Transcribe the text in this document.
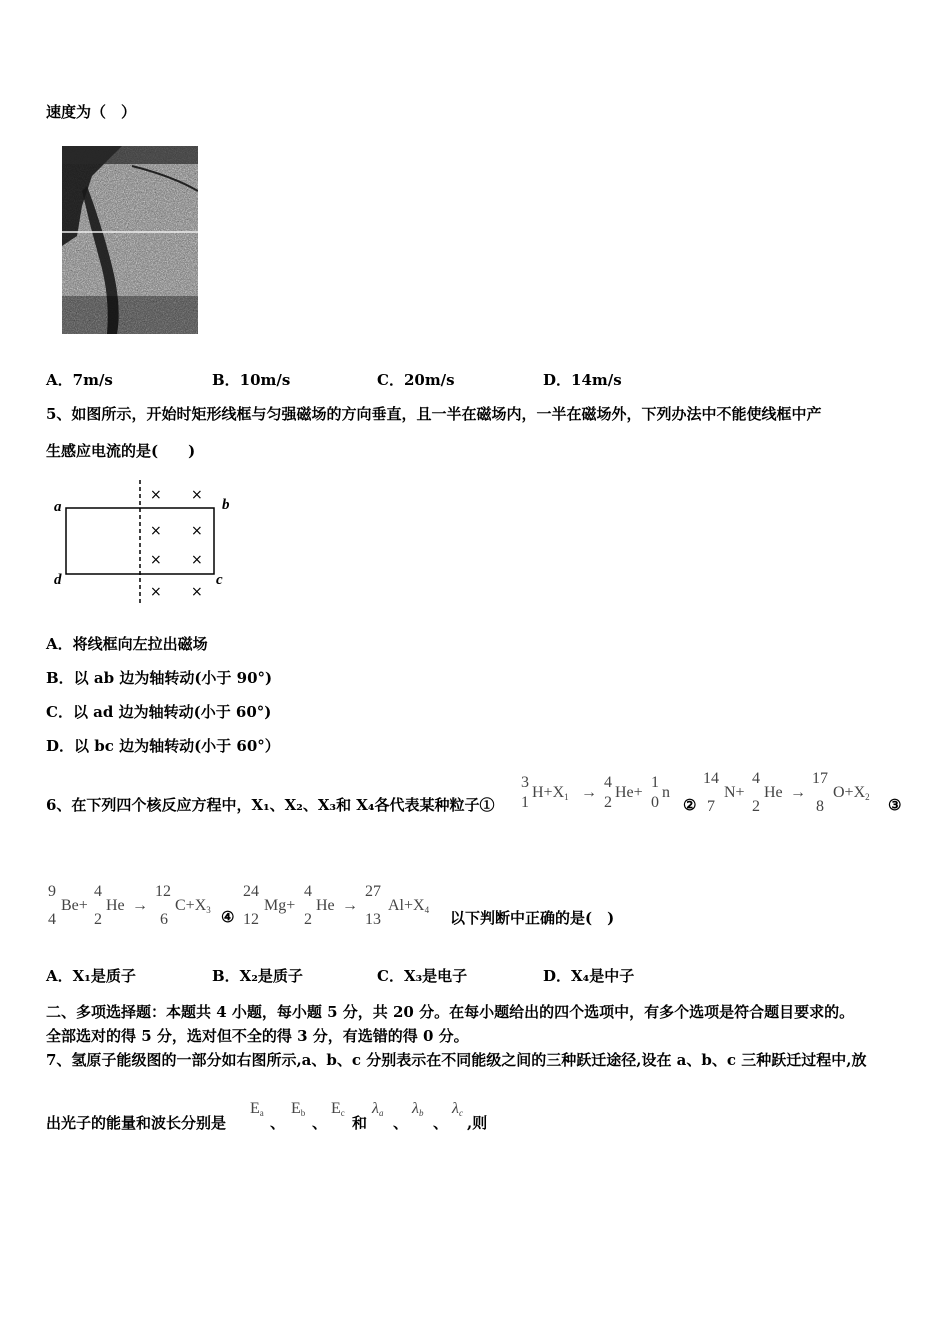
速度为（　）
A．7m/s	B．10m/s	C．20m/s	D．14m/s
5、如图所示，开始时矩形线框与匀强磁场的方向垂直，且一半在磁场内，一半在磁场外，下列办法中不能使线框中产
生感应电流的是(　　)
a	b
c
d
× ×
× ×
× ×
× ×
A．将线框向左拉出磁场
B．以 ab 边为轴转动(小于 90°)
C．以 ad 边为轴转动(小于 60°)
D．以 bc 边为轴转动(小于 60°）
6、在下列四个核反应方程中，X₁、X₂、X₃和 X₄各代表某种粒子①
3
1
$H+X_1$ →
4
2
He+
1
0
n
②
14
7
N+
4
2
He →
17
8
$O+X_2$ ③
9
4
Be+
4
2
He →
12
6
$C+X_3$ ④
24
12
Mg+
4
2
He →
27
13
$Al+X_4$ 以下判断中正确的是(　)
A．X₁是质子	B．X₂是质子	C．X₃是电子	D．X₄是中子
二、多项选择题：本题共 4 小题，每小题 5 分，共 20 分。在每小题给出的四个选项中，有多个选项是符合题目要求的。
全部选对的得 5 分，选对但不全的得 3 分，有选错的得 0 分。
7、氢原子能级图的一部分如右图所示,a、b、c 分别表示在不同能级之间的三种跃迁途径,设在 a、b、c 三种跃迁过程中,放
出光子的能量和波长分别是
$E_a$
、
$E_b$
、
$E_c$
和
$\lambda_a$
、
$\lambda_b$
、
$\lambda_c$
,则
